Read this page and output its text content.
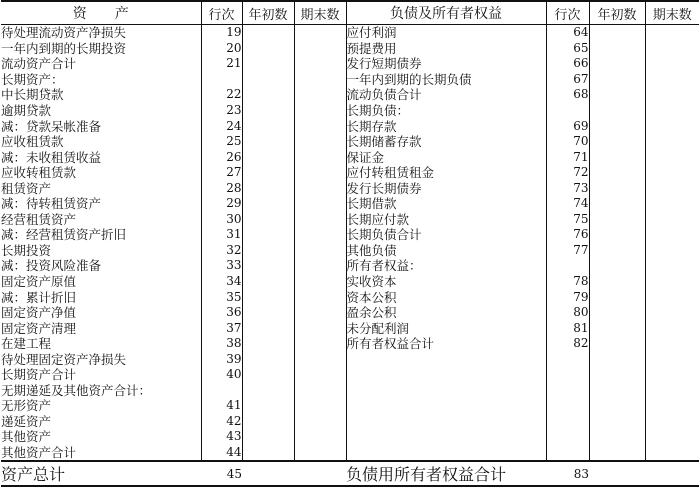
资　　产	行次	年初数	期末数	负债及所有者权益	行次	年初数	期末数
待处理流动资产净损失	19			应付利润	64		
一年内到期的长期投资	20			预提费用	65		
流动资产合计	21			发行短期债券	66		
长期资产：				一年内到期的长期负债	67		
中长期贷款	22			流动负债合计	68		
逾期贷款	23			长期负债：			
减：贷款呆帐准备	24			长期存款	69		
应收租赁款	25			长期储蓄存款	70		
减：未收租赁收益	26			保证金	71		
应收转租赁款	27			应付转租赁租金	72		
租赁资产	28			发行长期债券	73		
减：待转租赁资产	29			长期借款	74		
经营租赁资产	30			长期应付款	75		
减：经营租赁资产折旧	31			长期负债合计	76		
长期投资	32			其他负债	77		
减：投资风险准备	33			所有者权益：			
固定资产原值	34			实收资本	78		
减：累计折旧	35			资本公积	79		
固定资产净值	36			盈余公积	80		
固定资产清理	37			未分配利润	81		
在建工程	38			所有者权益合计	82		
待处理固定资产净损失	39						
长期资产合计	40						
无期递延及其他资产合计：							
无形资产	41						
递延资产	42						
其他资产	43						
其他资产合计	44						
资产总计	45			负债用所有者权益合计	83		
